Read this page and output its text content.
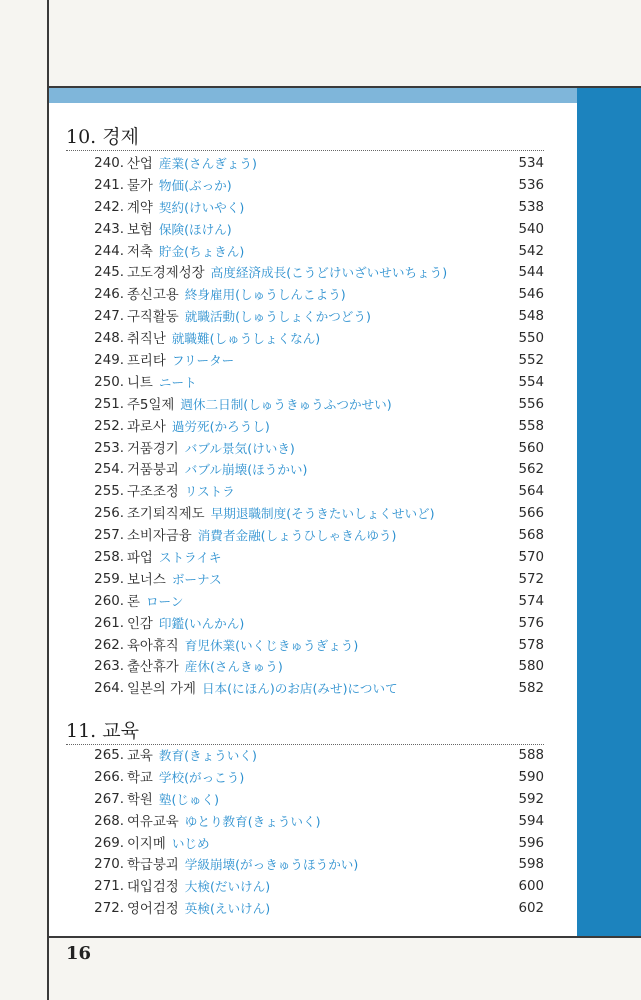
10. 경제
240. 산업 産業(さんぎょう)	534
241. 물가 物価(ぶっか)	536
242. 계약 契約(けいやく)	538
243. 보험 保険(ほけん)	540
244. 저축 貯金(ちょきん)	542
245. 고도경제성장 高度経済成長(こうどけいざいせいちょう)	544
246. 종신고용 終身雇用(しゅうしんこよう)	546
247. 구직활동 就職活動(しゅうしょくかつどう)	548
248. 취직난 就職難(しゅうしょくなん)	550
249. 프리타 フリーター	552
250. 니트 ニート	554
251. 주5일제 週休二日制(しゅうきゅうふつかせい)	556
252. 과로사 過労死(かろうし)	558
253. 거품경기 バブル景気(けいき)	560
254. 거품붕괴 バブル崩壊(ほうかい)	562
255. 구조조정 リストラ	564
256. 조기퇴직제도 早期退職制度(そうきたいしょくせいど)	566
257. 소비자금융 消費者金融(しょうひしゃきんゆう)	568
258. 파업 ストライキ	570
259. 보너스 ボーナス	572
260. 론 ローン	574
261. 인감 印鑑(いんかん)	576
262. 육아휴직 育児休業(いくじきゅうぎょう)	578
263. 출산휴가 産休(さんきゅう)	580
264. 일본의 가게 日本(にほん)のお店(みせ)について	582
11. 교육
265. 교육 教育(きょういく)	588
266. 학교 学校(がっこう)	590
267. 학원 塾(じゅく)	592
268. 여유교육 ゆとり教育(きょういく)	594
269. 이지메 いじめ	596
270. 학급붕괴 学級崩壊(がっきゅうほうかい)	598
271. 대입검정 大検(だいけん)	600
272. 영어검정 英検(えいけん)	602
16
